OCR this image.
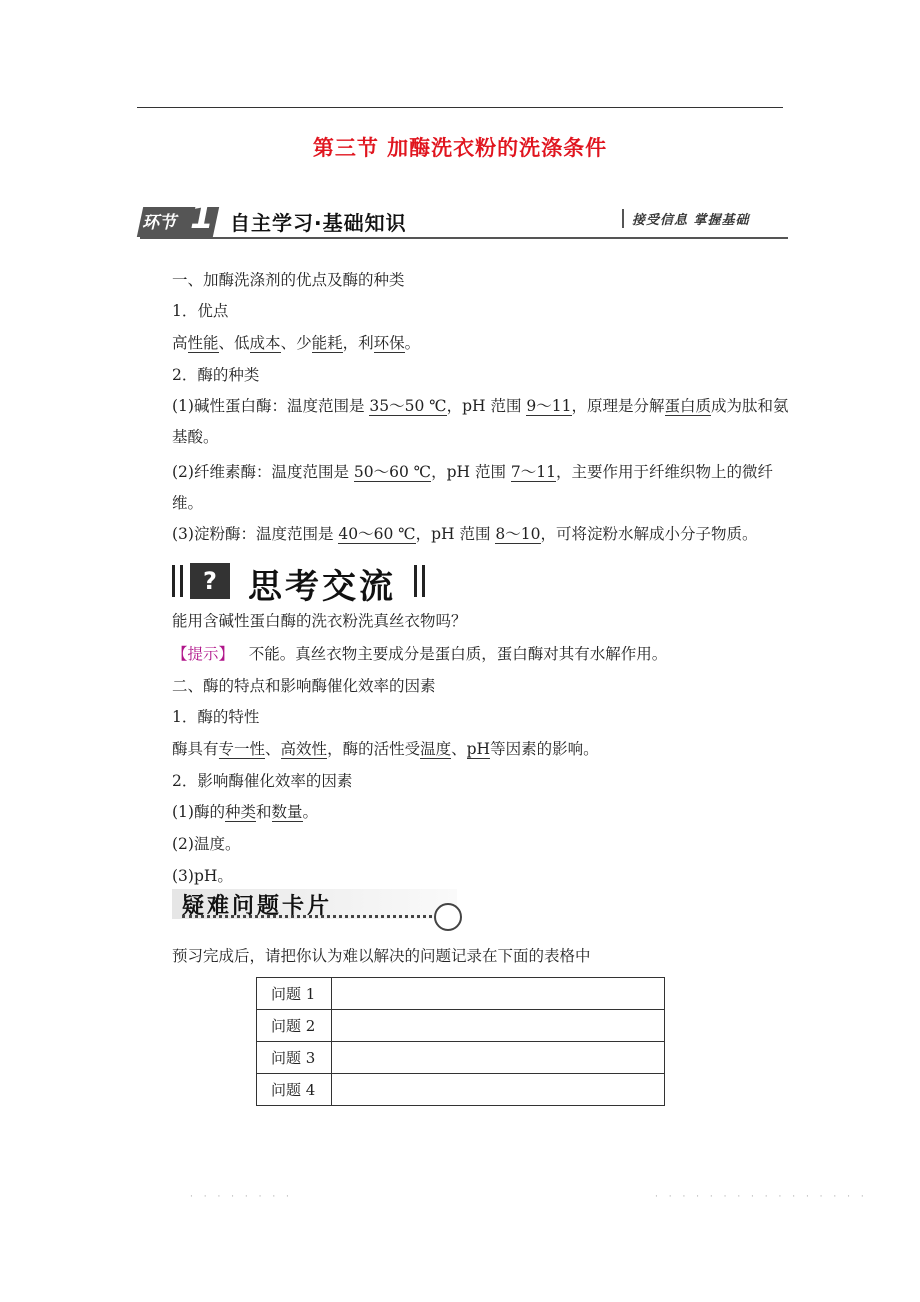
第三节 加酶洗衣粉的洗涤条件
环节 1 自主学习·基础知识	接受信息 掌握基础
一、加酶洗涤剂的优点及酶的种类
1．优点
高性能、低成本、少能耗，利环保。
2．酶的种类
(1)碱性蛋白酶：温度范围是 35～50 ℃，pH 范围 9～11，原理是分解蛋白质成为肽和氨基酸。
(2)纤维素酶：温度范围是 50～60 ℃，pH 范围 7～11，主要作用于纤维织物上的微纤维。
(3)淀粉酶：温度范围是 40～60 ℃，pH 范围 8～10，可将淀粉水解成小分子物质。
? 思考交流
能用含碱性蛋白酶的洗衣粉洗真丝衣物吗？
【提示】 不能。真丝衣物主要成分是蛋白质，蛋白酶对其有水解作用。
二、酶的特点和影响酶催化效率的因素
1．酶的特性
酶具有专一性、高效性，酶的活性受温度、pH等因素的影响。
2．影响酶催化效率的因素
(1)酶的种类和数量。
(2)温度。
(3)pH。
疑难问题卡片
预习完成后，请把你认为难以解决的问题记录在下面的表格中
问题 1	
问题 2	
问题 3	
问题 4	
· · · · · · · ·	· · · · · · · · · · · · · · · ·
